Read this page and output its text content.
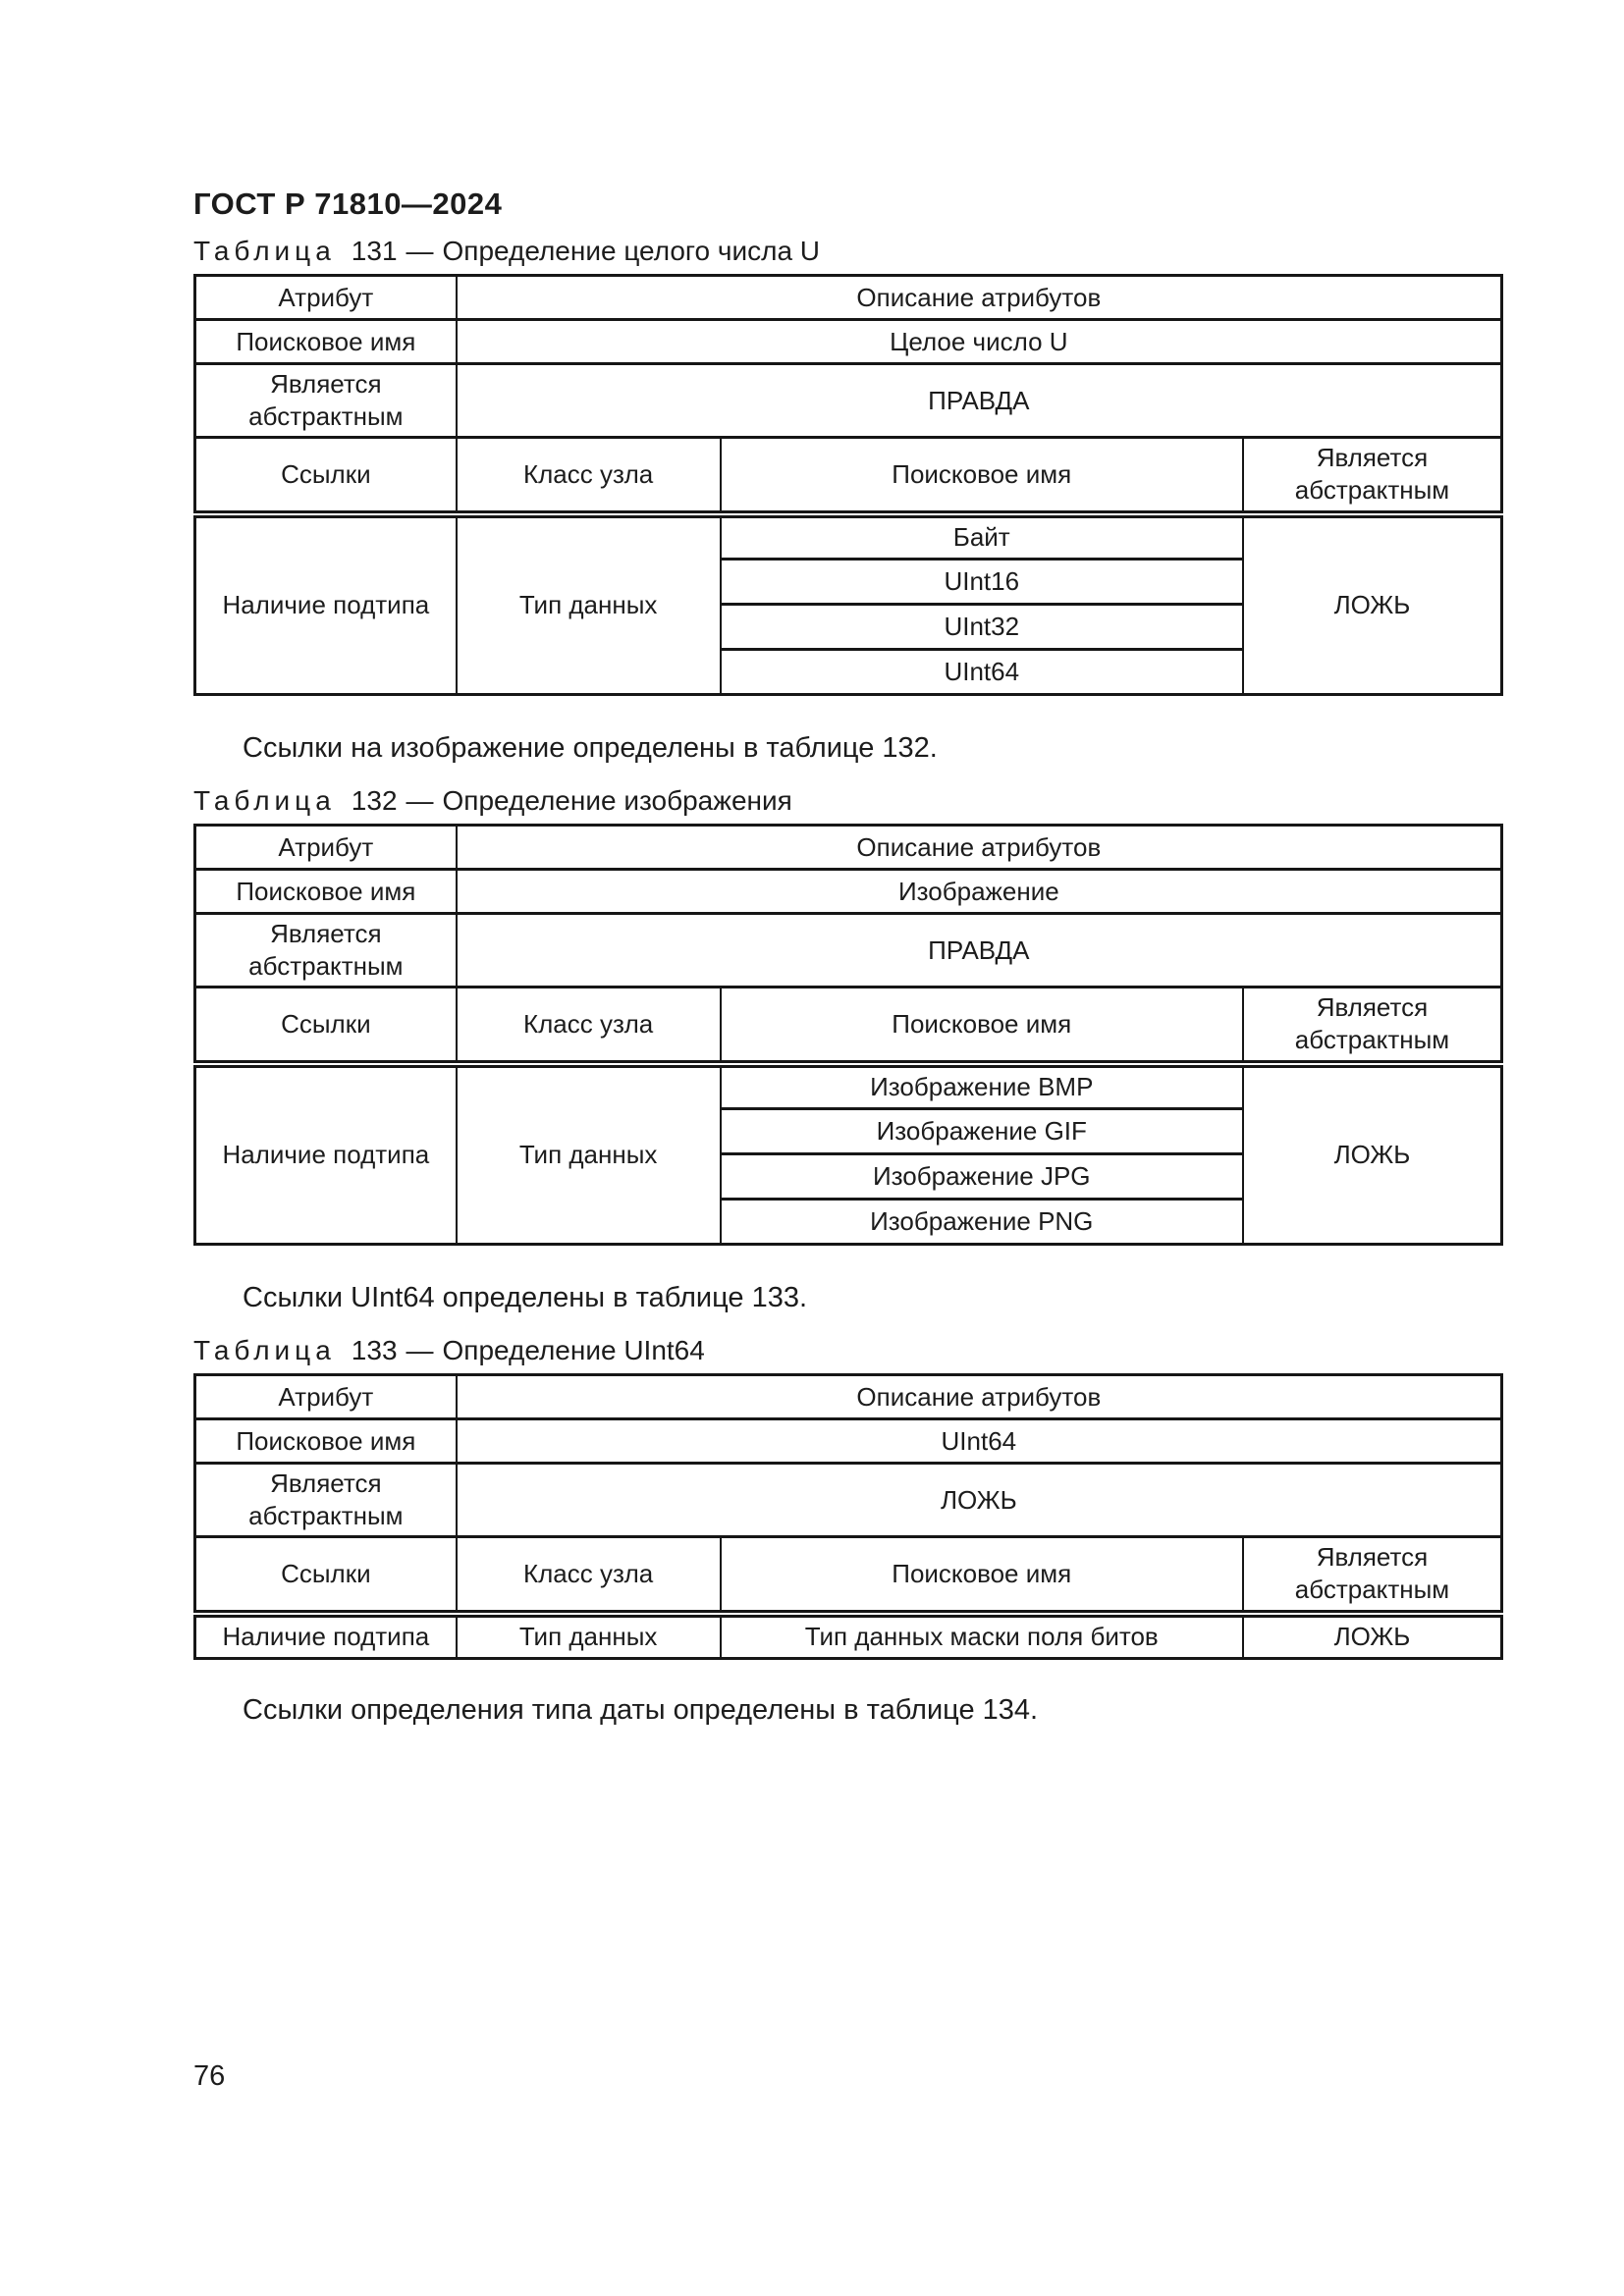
ГОСТ Р 71810—2024

Таблица 131 — Определение целого числа U

Атрибут	Описание атрибутов		
Поисковое имя	Целое число U		
Является абстрактным	ПРАВДА		
Ссылки	Класс узла	Поисковое имя	Является абстрактным
Наличие подтипа	Тип данных	Байт	ЛОЖЬ
		UInt16	
		UInt32	
		UInt64	

Ссылки на изображение определены в таблице 132.

Таблица 132 — Определение изображения

Атрибут	Описание атрибутов		
Поисковое имя	Изображение		
Является абстрактным	ПРАВДА		
Ссылки	Класс узла	Поисковое имя	Является абстрактным
Наличие подтипа	Тип данных	Изображение BMP	ЛОЖЬ
		Изображение GIF	
		Изображение JPG	
		Изображение PNG	

Ссылки UInt64 определены в таблице 133.

Таблица 133 — Определение UInt64

Атрибут	Описание атрибутов		
Поисковое имя	UInt64		
Является абстрактным	ЛОЖЬ		
Ссылки	Класс узла	Поисковое имя	Является абстрактным
Наличие подтипа	Тип данных	Тип данных маски поля битов	ЛОЖЬ

Ссылки определения типа даты определены в таблице 134.

76
